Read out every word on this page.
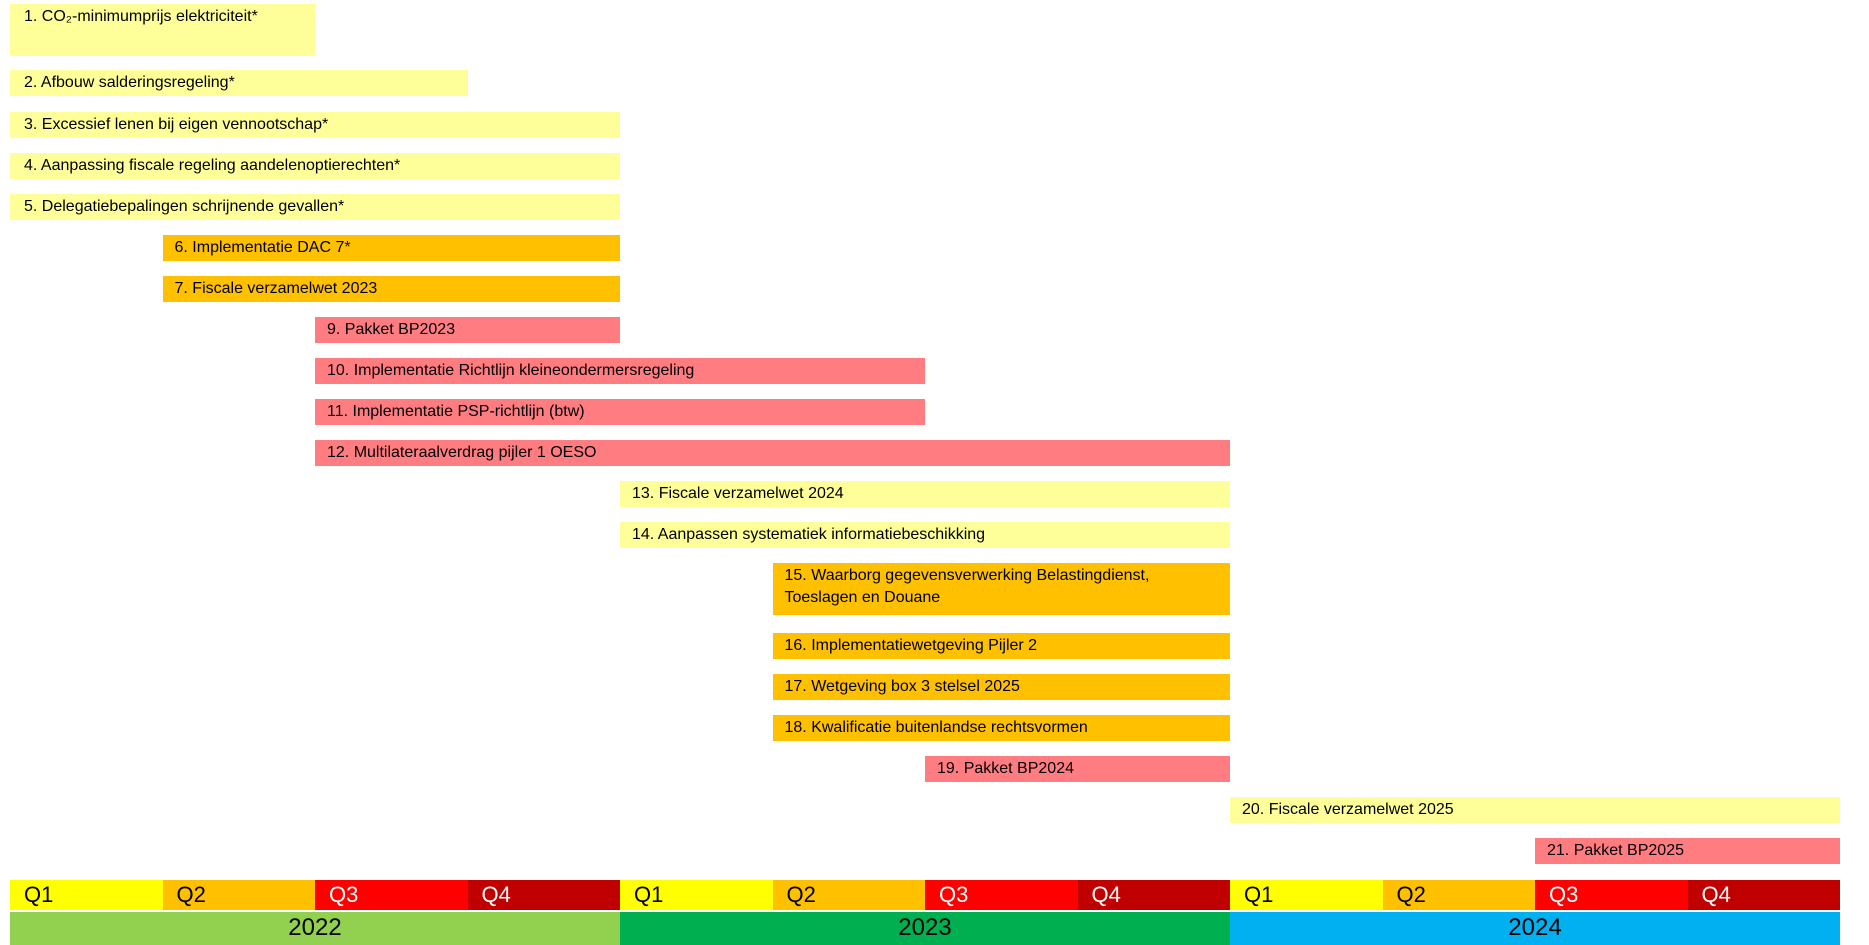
1. CO₂-minimumprijs elektriciteit*
2. Afbouw salderingsregeling*
3. Excessief lenen bij eigen vennootschap*
4. Aanpassing fiscale regeling aandelenoptierechten*
5. Delegatiebepalingen schrijnende gevallen*
6. Implementatie DAC 7*
7. Fiscale verzamelwet 2023
9. Pakket BP2023
10. Implementatie Richtlijn kleineondermersregeling
11. Implementatie PSP-richtlijn (btw)
12. Multilateraalverdrag pijler 1 OESO
13. Fiscale verzamelwet 2024
14. Aanpassen systematiek informatiebeschikking
15. Waarborg gegevensverwerking Belastingdienst, Toeslagen en Douane
16. Implementatiewetgeving Pijler 2
17. Wetgeving box 3 stelsel 2025
18. Kwalificatie buitenlandse rechtsvormen
19. Pakket BP2024
20. Fiscale verzamelwet 2025
21. Pakket BP2025
Q1	Q2	Q3	Q4	Q1	Q2	Q3	Q4	Q1	Q2	Q3	Q4
2022	2023	2024
